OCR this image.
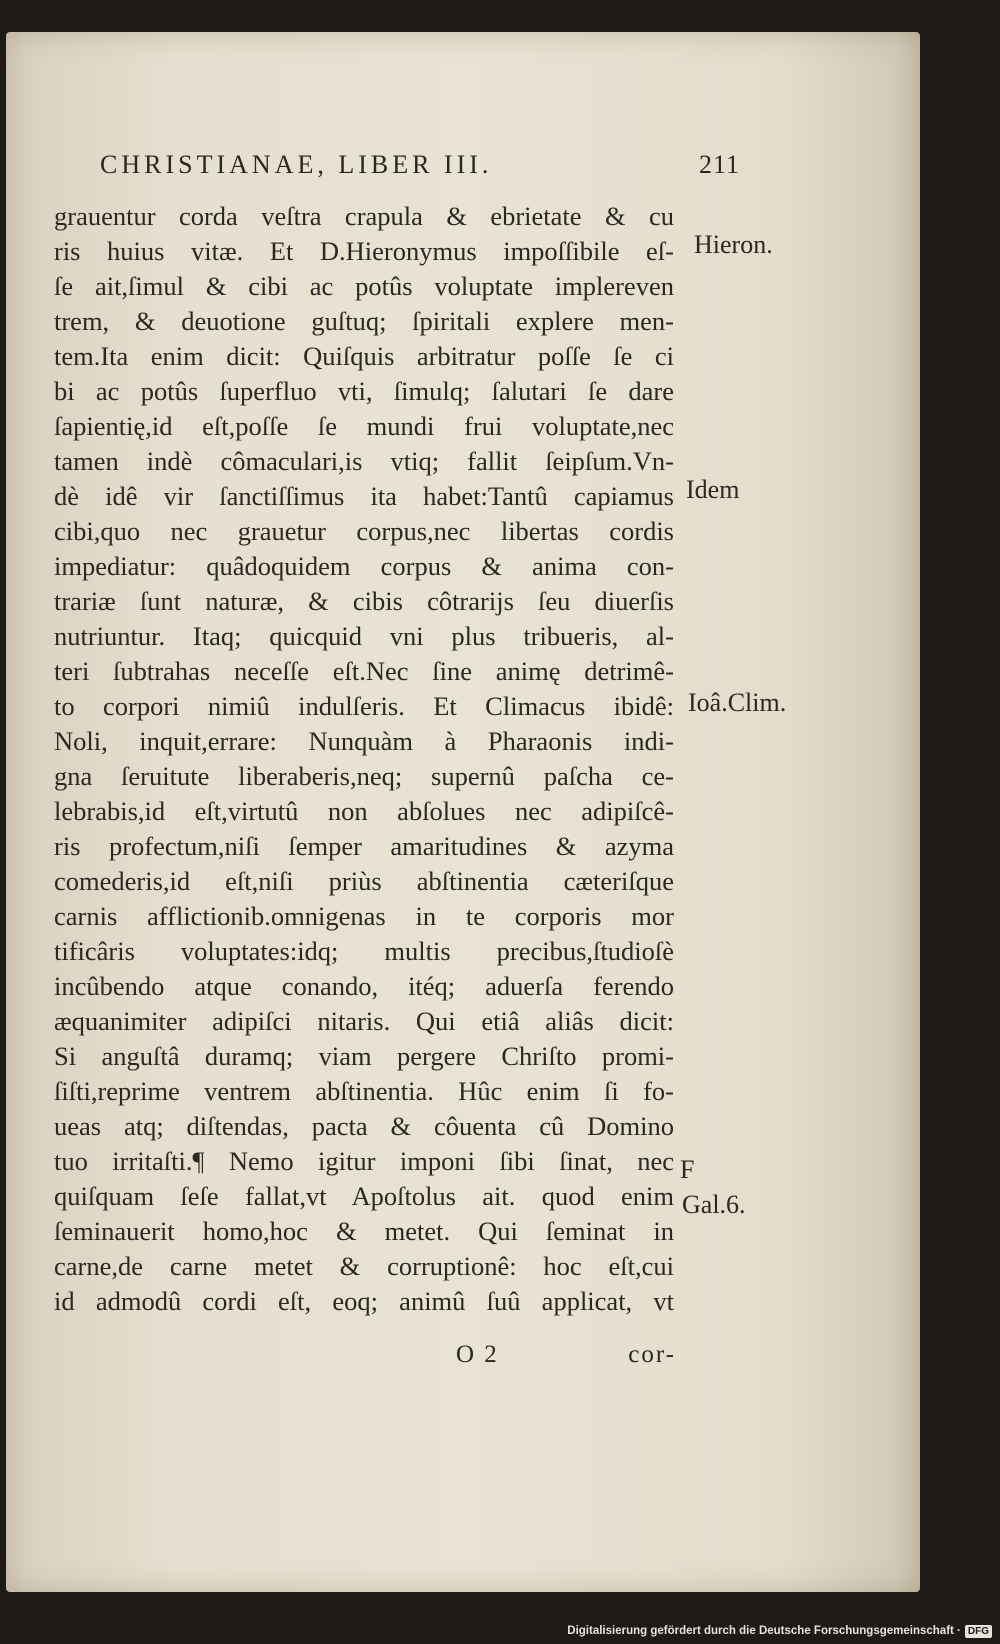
CHRISTIANAE, LIBER III.	211
grauentur corda veſtra crapula & ebrietate & cu
ris huius vitæ. Et D.Hieronymus impoſſibile eſ-
ſe ait,ſimul & cibi ac potûs voluptate implereven
trem, & deuotione guſtuq; ſpiritali explere men-
tem.Ita enim dicit: Quiſquis arbitratur poſſe ſe ci
bi ac potûs ſuperfluo vti, ſimulq; ſalutari ſe dare
ſapientię,id eſt,poſſe ſe mundi frui voluptate,nec
tamen indè cômaculari,is vtiq; fallit ſeipſum.Vn-
dè idê vir ſanctiſſimus ita habet:Tantû capiamus
cibi,quo nec grauetur corpus,nec libertas cordis
impediatur: quâdoquidem corpus & anima con-
trariæ ſunt naturæ, & cibis côtrarijs ſeu diuerſis
nutriuntur. Itaq; quicquid vni plus tribueris, al-
teri ſubtrahas neceſſe eſt.Nec ſine animę detrimê-
to corpori nimiû indulſeris. Et Climacus ibidê:
Noli, inquit,errare: Nunquàm à Pharaonis indi-
gna ſeruitute liberaberis,neq; supernû paſcha ce-
lebrabis,id eſt,virtutû non abſolues nec adipiſcê-
ris profectum,niſi ſemper amaritudines & azyma
comederis,id eſt,niſi priùs abſtinentia cæteriſque
carnis afflictionib.omnigenas in te corporis mor
tificâris voluptates:idq; multis precibus,ſtudioſè
incûbendo atque conando, itéq; aduerſa ferendo
æquanimiter adipiſci nitaris. Qui etiâ aliâs dicit:
Si anguſtâ duramq; viam pergere Chriſto promi-
ſiſti,reprime ventrem abſtinentia. Hûc enim ſi fo-
ueas atq; diſtendas, pacta & côuenta cû Domino
tuo irritaſti.¶ Nemo igitur imponi ſibi ſinat, nec
quiſquam ſeſe fallat,vt Apoſtolus ait. quod enim
ſeminauerit homo,hoc & metet. Qui ſeminat in
carne,de carne metet & corruptionê: hoc eſt,cui
id admodû cordi eſt, eoq; animû ſuû applicat, vt
Hieron.
Idem
Ioâ.Clim.
F
Gal.6.
O 2	cor-
Digitalisierung gefördert durch die Deutsche Forschungsgemeinschaft · DFG
